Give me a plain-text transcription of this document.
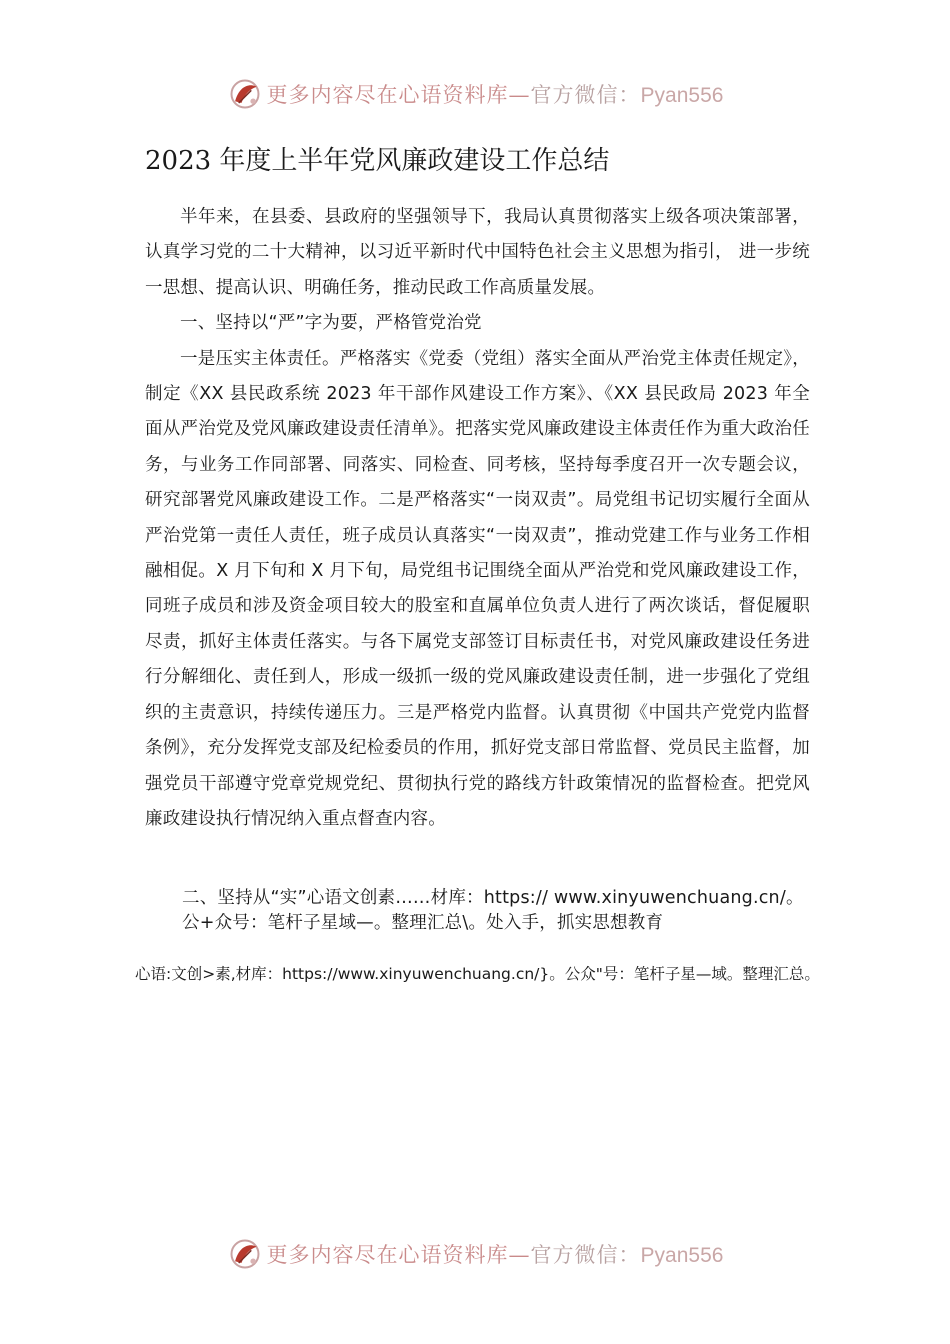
更多内容尽在心语资料库—官方微信：Pyan556
2023 年度上半年党风廉政建设工作总结

半年来，在县委、县政府的坚强领导下，我局认真贯彻落实上级各项决策部署，认真学习党的二十大精神，以习近平新时代中国特色社会主义思想为指引， 进一步统一思想、提高认识、明确任务，推动民政工作高质量发展。

一、坚持以“严”字为要，严格管党治党

一是压实主体责任。严格落实《党委（党组）落实全面从严治党主体责任规定》，制定《XX 县民政系统 2023 年干部作风建设工作方案》、《XX 县民政局 2023 年全面从严治党及党风廉政建设责任清单》。把落实党风廉政建设主体责任作为重大政治任务，与业务工作同部署、同落实、同检查、同考核，坚持每季度召开一次专题会议，研究部署党风廉政建设工作。二是严格落实“一岗双责”。局党组书记切实履行全面从严治党第一责任人责任，班子成员认真落实“一岗双责”，推动党建工作与业务工作相融相促。X 月下旬和 X 月下旬，局党组书记围绕全面从严治党和党风廉政建设工作，同班子成员和涉及资金项目较大的股室和直属单位负责人进行了两次谈话，督促履职尽责，抓好主体责任落实。与各下属党支部签订目标责任书，对党风廉政建设任务进行分解细化、责任到人，形成一级抓一级的党风廉政建设责任制，进一步强化了党组织的主责意识，持续传递压力。三是严格党内监督。认真贯彻《中国共产党党内监督条例》，充分发挥党支部及纪检委员的作用，抓好党支部日常监督、党员民主监督，加强党员干部遵守党章党规党纪、贯彻执行党的路线方针政策情况的监督检查。把党风廉政建设执行情况纳入重点督查内容。

二、坚持从“实”心语文创素……材库：https:// www.xinyuwenchuang.cn/。公+众号：笔杆子星域—。整理汇总\。处入手，抓实思想教育
心语:文创>素,材库：https://www.xinyuwenchuang.cn/}。公众"号：笔杆子星—域。整理汇总。
更多内容尽在心语资料库—官方微信：Pyan556
